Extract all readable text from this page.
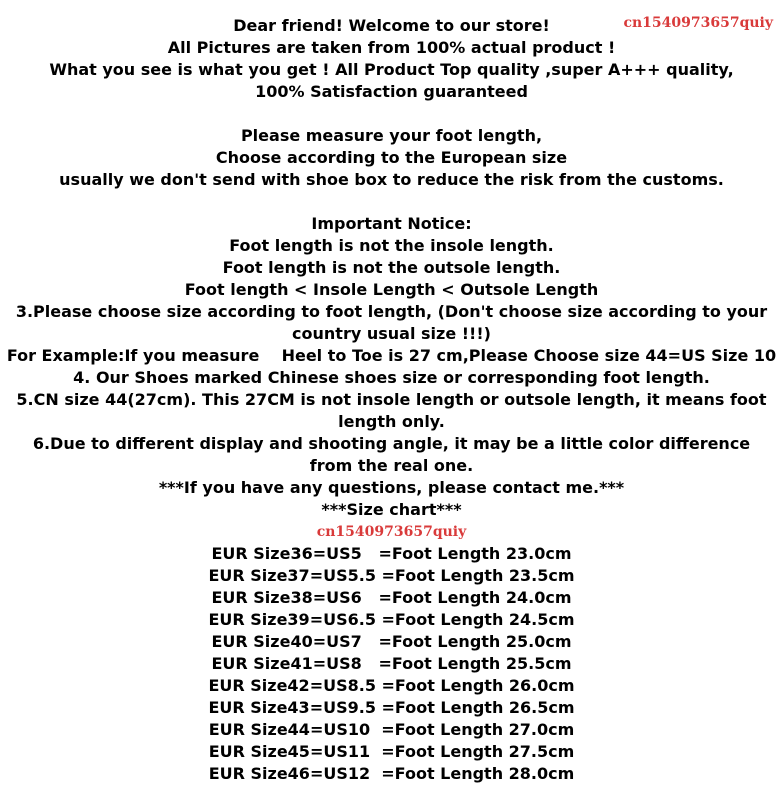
cn1540973657quiy
Dear friend! Welcome to our store!
All Pictures are taken from 100% actual product !
What you see is what you get ! All Product Top quality ,super A+++ quality,
100% Satisfaction guaranteed
Please measure your foot length,
Choose according to the European size
usually we don't send with shoe box to reduce the risk from the customs.
Important Notice:
Foot length is not the insole length.
Foot length is not the outsole length.
Foot length < Insole Length < Outsole Length
3.Please choose size according to foot length, (Don't choose size according to your country usual size !!!)
For Example:If you measure    Heel to Toe is 27 cm,Please Choose size 44=US Size 10
4. Our Shoes marked Chinese shoes size or corresponding foot length.
5.CN size 44(27cm). This 27CM is not insole length or outsole length, it means foot length only.
6.Due to different display and shooting angle, it may be a little color difference from the real one.
***If you have any questions, please contact me.***
***Size chart***
cn1540973657quiy
EUR Size36=US5   =Foot Length 23.0cm
EUR Size37=US5.5 =Foot Length 23.5cm
EUR Size38=US6   =Foot Length 24.0cm
EUR Size39=US6.5 =Foot Length 24.5cm
EUR Size40=US7   =Foot Length 25.0cm
EUR Size41=US8   =Foot Length 25.5cm
EUR Size42=US8.5 =Foot Length 26.0cm
EUR Size43=US9.5 =Foot Length 26.5cm
EUR Size44=US10  =Foot Length 27.0cm
EUR Size45=US11  =Foot Length 27.5cm
EUR Size46=US12  =Foot Length 28.0cm
